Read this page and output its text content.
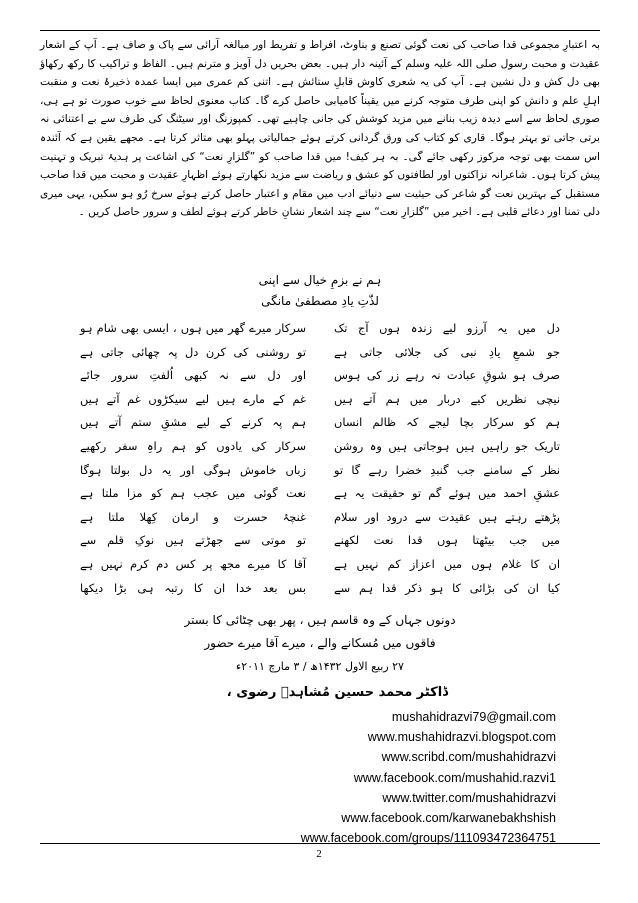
بہ اعتبارِ مجموعی قدا صاحب کی نعت گوئی تصنع و بناوٹ، افراط و تفریط اور مبالغہ آرائی سے پاک و صاف ہے۔ آپ کے اشعار عقیدت و محبت رسول صلی اللہ علیہ وسلم کے آئینہ دار ہیں۔ بعض بحریں دل آویز و مترنم ہیں۔ الفاظ و تراکیب کا رکھ رکھاؤ بھی دل کش و دل نشین ہے۔ آپ کی یہ شعری کاوش قابلِ ستائش ہے۔ اتنی کم عمری میں ایسا عمدہ ذخیرۂ نعت و منقبت اہلِ علم و دانش کو اپنی طرف متوجہ کرنے میں یقیناً کامیابی حاصل کرے گا۔ کتاب معنوی لحاظ سے خوب صورت تو ہے ہی، صوری لحاظ سے اسے دیدہ زیب بنانے میں مزید کوشش کی جانی چاہیے تھی۔ کمپوزنگ اور سیٹنگ کی طرف سے بے اعتنائی نہ برتی جاتی تو بہتر ہوگا۔ قاری کو کتاب کی ورق گردانی کرتے ہوئے جمالیاتی پہلو بھی متاثر کرتا ہے۔ مجھے یقین ہے کہ آئندہ اس سمت بھی توجہ مرکوز رکھی جائے گی۔ بہ ہر کیف! میں قدا صاحب کو ”گلزارِ نعت“ کی اشاعت پر ہدیۂ تبریک و تہنیت پیش کرتا ہوں۔ شاعرانہ نزاکتوں اور لطافتوں کو عشق و ریاضت سے مزید نکھارتے ہوئے اظہارِ عقیدت و محبت میں قدا صاحب مستقبل کے بہترین نعت گو شاعر کی حیثیت سے دنیائے ادب میں مقام و اعتبار حاصل کرتے ہوئے سرخ رُو ہو سکیں، یہی میری دلی تمنا اور دعائے قلبی ہے۔ اخیر میں ”گلزارِ نعت“ سے چند اشعار نشانِ خاطر کرتے ہوئے لطف و سرور حاصل کریں ۔

ہم نے بزمِ خیال سے اپنی
لذّتِ یادِ مصطفیٰ مانگی
دل میں یہ آرزو لیے زندہ ہوں آج تک
سرکار میرے گھر میں ہوں ، ایسی بھی شام ہو
جو شمعِ یادِ نبی کی جلائی جاتی ہے
تو روشنی کی کرن دل پہ چھائی جاتی ہے
صرف ہو شوقِ عبادت نہ رہے زر کی ہوس
اور دل سے نہ کبھی اُلفتِ سرور جائے
نیچی نظریں کیے دربار میں ہم آتے ہیں
غم کے مارے ہیں لیے سیکڑوں غم آتے ہیں
ہم کو سرکار بچا لیجے کہ ظالم انساں
ہم پہ کرنے کے لیے مشقِ ستم آتے ہیں
تاریک جو راہیں ہیں ہوجاتی ہیں وہ روشن
سرکار کی یادوں کو ہم راہِ سفر رکھیے
نظر کے سامنے جب گنبدِ خضرا رہے گا تو
زباں خاموش ہوگی اور یہ دل بولتا ہوگا
عشقِ احمد میں ہوئے گم تو حقیقت یہ ہے
نعت گوئی میں عجب ہم کو مزا ملتا ہے
پڑھتے رہتے ہیں عقیدت سے درود اور سلام
غنچۂ حسرت و ارمان کِھلا ملتا ہے
میں جب بیٹھتا ہوں قدا نعت لکھنے
تو موتی سے جھڑتے ہیں نوکِ قلم سے
ان کا غلام ہوں میں اعزاز کم نہیں ہے
آقا کا میرے مجھ پر کس دم کرم نہیں ہے
کیا ان کی بڑائی کا ہو ذکر قدا ہم سے
بس بعد خدا ان کا رتبہ ہی بڑا دیکھا
دونوں جہاں کے وہ قاسم ہیں ، پھر بھی چٹائی کا بستر
فاقوں میں مُسکانے والے ، میرے آقا میرے حضور
۲۷ ربیع الاول ۱۴۳۲ھ / ۳ مارچ ۲۰۱۱ء
ڈاکٹر محمد حسین مُشاہدؔ رضوی ،
mushahidrazvi79@gmail.com
www.mushahidrazvi.blogspot.com
www.scribd.com/mushahidrazvi
www.facebook.com/mushahid.razvi1
www.twitter.com/mushahidrazvi
www.facebook.com/karwanebakhshish
www.facebook.com/groups/111093472364751
2
